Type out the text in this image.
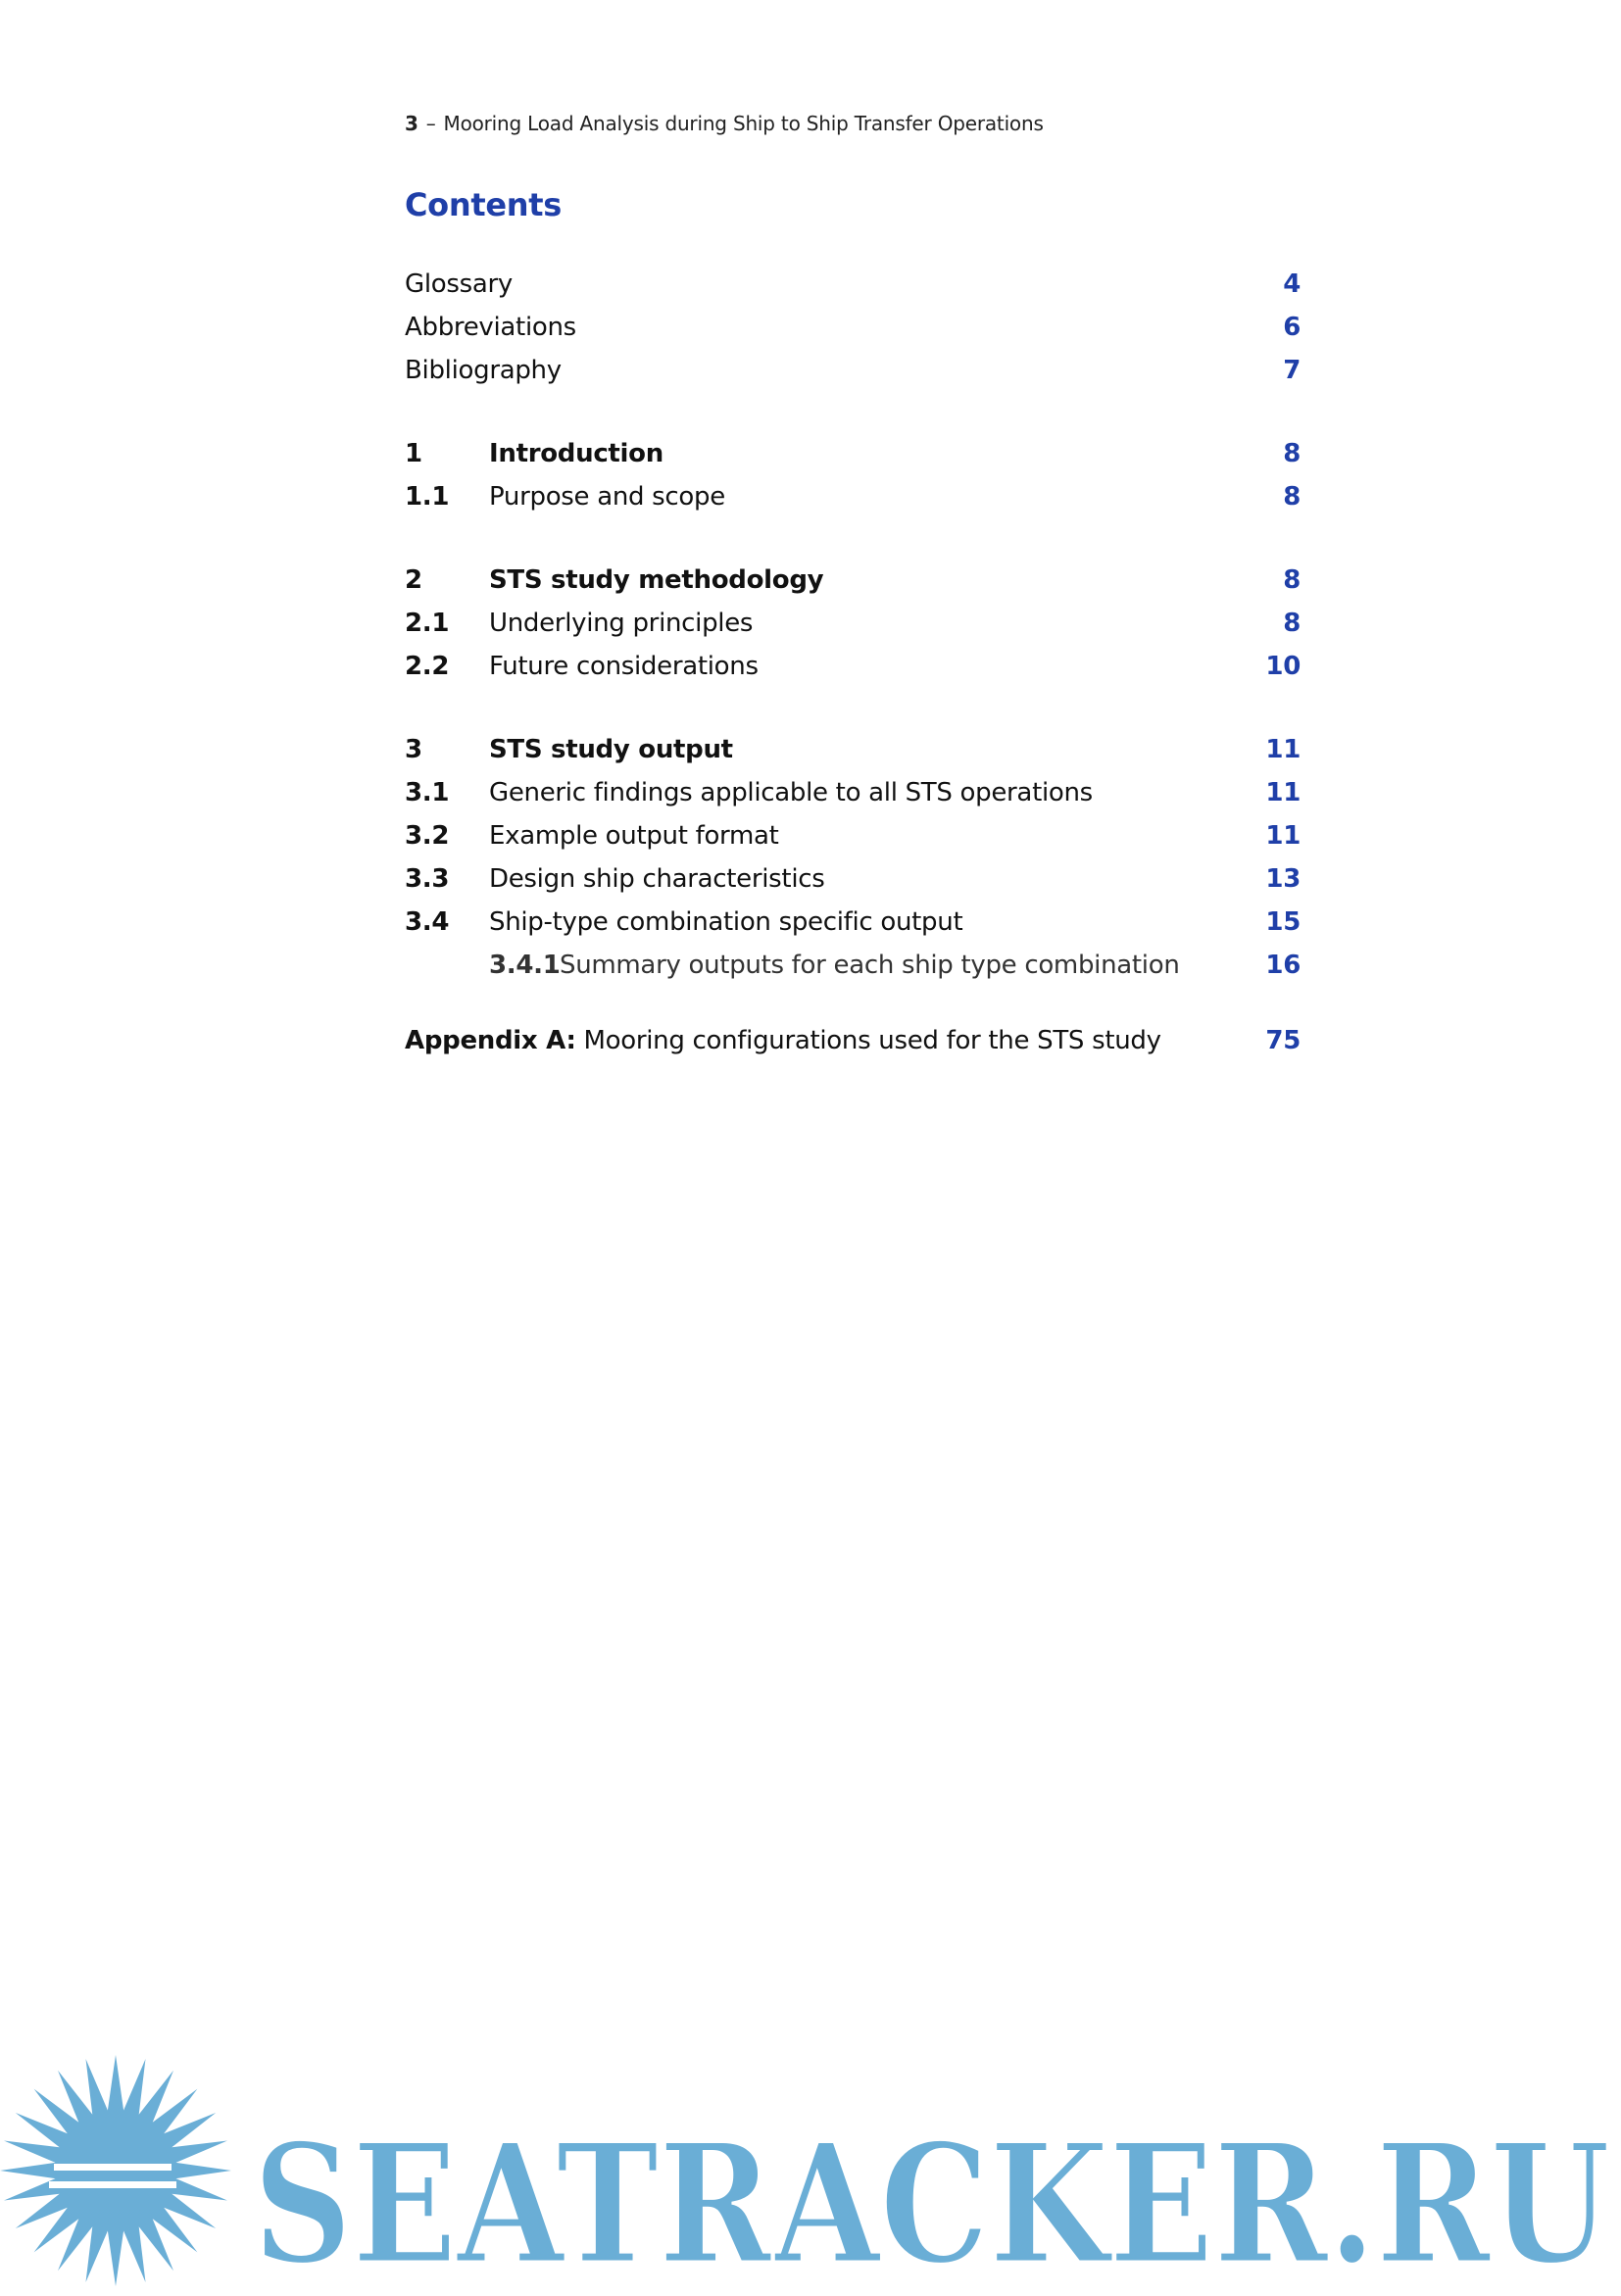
3 – Mooring Load Analysis during Ship to Ship Transfer Operations
Contents
Glossary	4
Abbreviations	6
Bibliography	7
1	Introduction	8
1.1 Purpose and scope	8
2	STS study methodology	8
2.1 Underlying principles	8
2.2 Future considerations	10
3	STS study output	11
3.1 Generic findings applicable to all STS operations	11
3.2 Example output format	11
3.3 Design ship characteristics	13
3.4 Ship-type combination specific output	15
3.4.1 Summary outputs for each ship type combination	16
Appendix A: Mooring configurations used for the STS study	75
SEATRACKER.RU
